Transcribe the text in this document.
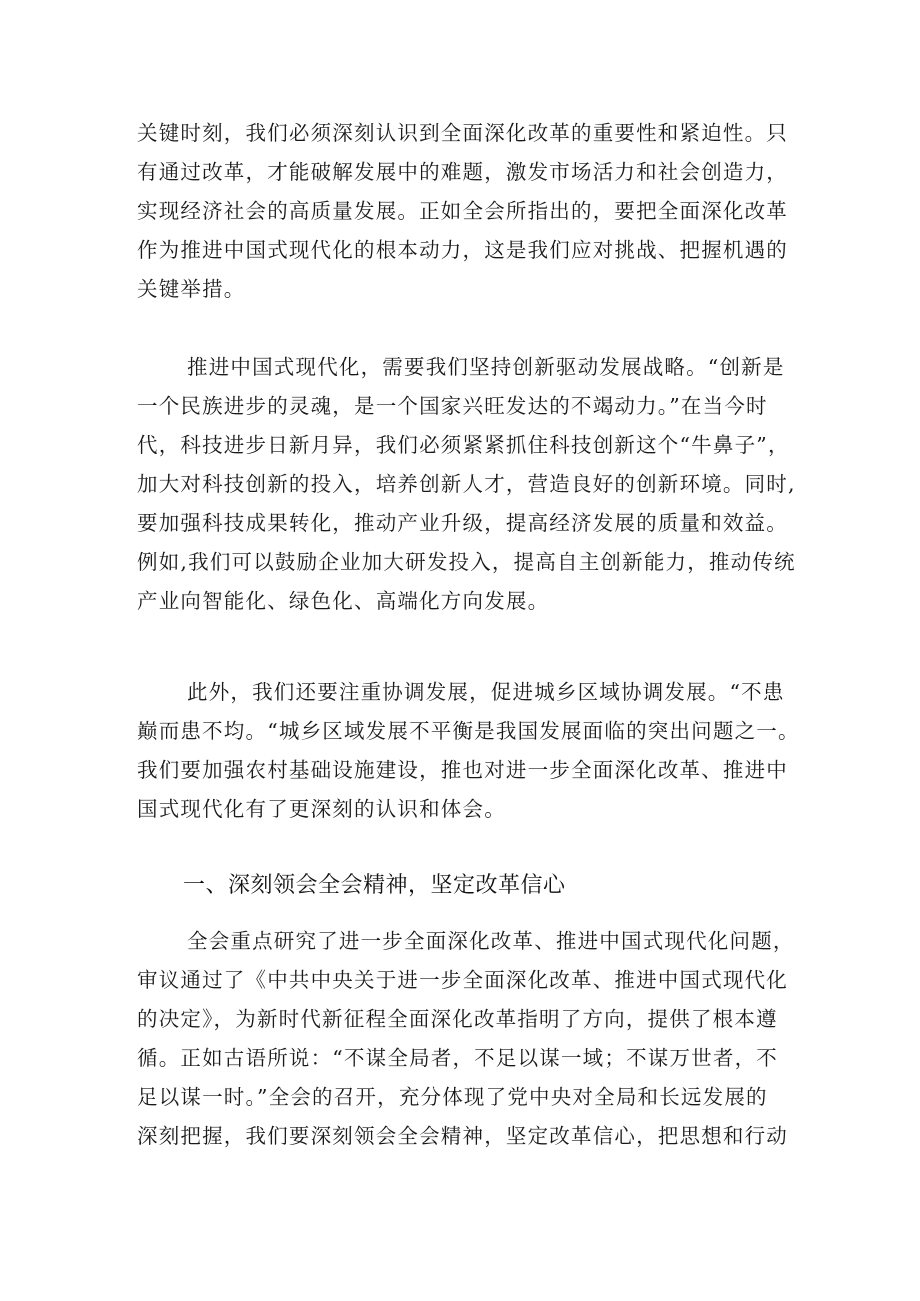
关键时刻，我们必须深刻认识到全面深化改革的重要性和紧迫性。只
有通过改革，才能破解发展中的难题，激发市场活力和社会创造力，
实现经济社会的高质量发展。正如全会所指出的，要把全面深化改革
作为推进中国式现代化的根本动力，这是我们应对挑战、把握机遇的
关键举措。
推进中国式现代化，需要我们坚持创新驱动发展战略。“创新是
一个民族进步的灵魂，是一个国家兴旺发达的不竭动力。”在当今时
代，科技进步日新月异，我们必须紧紧抓住科技创新这个“牛鼻子”，
加大对科技创新的投入，培养创新人才，营造良好的创新环境。同时,
要加强科技成果转化，推动产业升级，提高经济发展的质量和效益。
例如,我们可以鼓励企业加大研发投入，提高自主创新能力，推动传统
产业向智能化、绿色化、高端化方向发展。
此外，我们还要注重协调发展，促进城乡区域协调发展。“不患
巅而患不均。“城乡区域发展不平衡是我国发展面临的突出问题之一。
我们要加强农村基础设施建设，推也对进一步全面深化改革、推进中
国式现代化有了更深刻的认识和体会。
一、深刻领会全会精神，坚定改革信心
全会重点研究了进一步全面深化改革、推进中国式现代化问题，
审议通过了《中共中央关于进一步全面深化改革、推进中国式现代化
的决定》，为新时代新征程全面深化改革指明了方向，提供了根本遵
循。正如古语所说：“不谋全局者，不足以谋一域；不谋万世者，不
足以谋一时。”全会的召开，充分体现了党中央对全局和长远发展的
深刻把握，我们要深刻领会全会精神，坚定改革信心，把思想和行动
